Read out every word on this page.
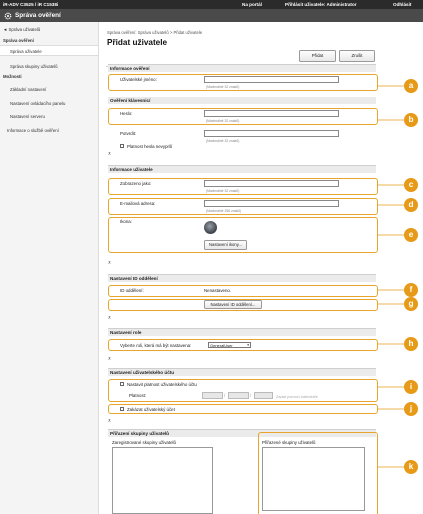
iR-ADV C3525 / iR C1538i	Na portál	Přihlásit uživatele: Administrator	Odhlásit
Správa ověření
◄ Správa uživatelů
Správa ověření
Správa uživatele
Správa skupiny uživatelů
Možnosti
Základní nastavení
Nastavení ovládacího panelu
Nastavení serveru
Informace o službě ověření
Správa ověření: Správa uživatelů > Přidat uživatele
Přidat uživatele
Přidat	Zrušit
Informace ověření
Uživatelské jméno:
(Maximálně 32 znaků)
Ověření klávesnicí
Heslo:
(Maximálně 32 znaků)
Potvrdit:
(Maximálně 32 znaků)
Platnost hesla nevyprší
⊼
Informace uživatele
Zobrazeno jako:
(Maximálně 32 znaků)
E-mailová adresa:
(Maximálně 256 znaků)
Ikona:
Nastavení ikony...
⊼
Nastavení ID oddělení
ID oddělení:	Nenastaveno.
Nastavení ID oddělení...
⊼
Nastavení role
Vyberte roli, která má být nastavena:	GeneralUser	▾
⊼
Nastavení uživatelského účtu
Nastavit platnost uživatelského účtu
Platnost:	/	/	Zadat pomocí kalendáře
Zakázat uživatelský účet
⊼
Přiřazení skupiny uživatelů
Zaregistrované skupiny uživatelů	Přiřazené skupiny uživatelů
a
b
c
d
e
f
g
h
i
j
k
